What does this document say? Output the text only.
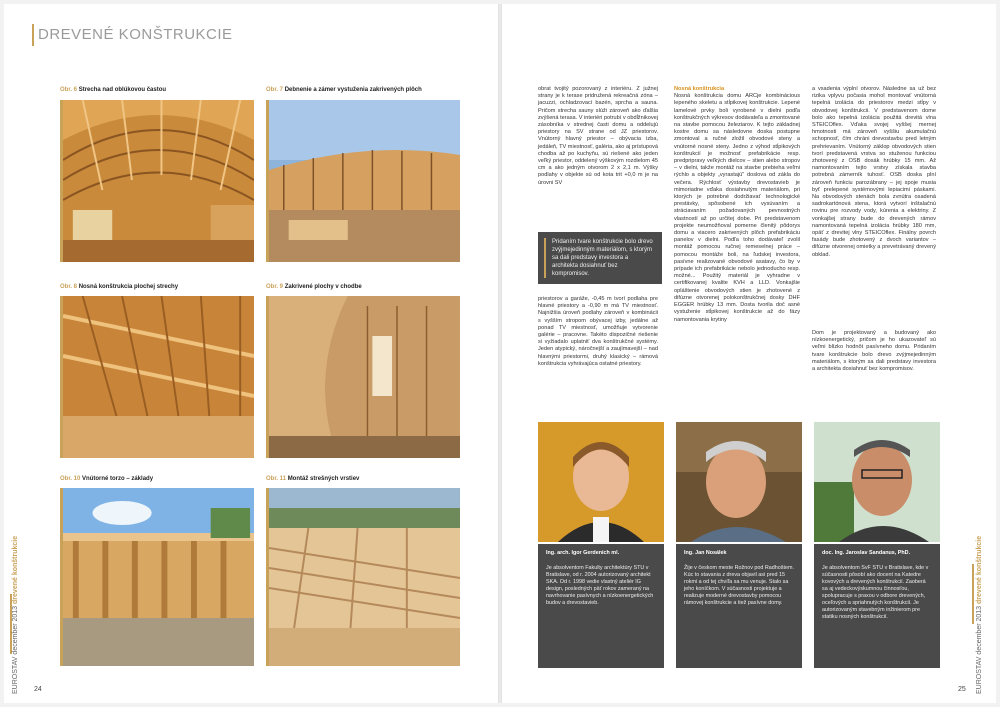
DREVENÉ KONŠTRUKCIE
Obr. 6 Strecha nad oblúkovou častou	Obr. 7 Debnenie a zámer vystuženia zakrivených plôch
Obr. 8 Nosná konštrukcia plochej strechy	Obr. 9 Zakrivené plochy v chodbe
Obr. 10 Vnútorné torzo – základy	Obr. 11 Montáž strešných vrstiev
EUROSTAV december 2013 drevené konštrukcie
24
obrat tvojitý pozorovaný z interiéru. Z južnej strany je k terase pridružená rekreačná zóna – jacuzzi, ochladzovací bazén, sprcha a sauna. Pričom strecha sauny slúži zároveň ako ďalšia zvýšená terasa. V interiéri potrubí v obdĺžnikovej zásobníka v strednej časti domu a oddelujú priestory na SV strane od JZ priestorov. Vnútorný hlavný priestor – obývacia izba, jedáleň, TV miestnosť, galéria, ako aj prístupová chodba až po kuchyňu, sú riešené ako jeden veľký priestor, oddelený výškovým rozdielom 45 cm a ako jedným otvorom 2 x 2,1 m. Výšky podlahy v objekte sú od kota trit +0,0 m je na úrovni SV
Pridaním tvare konštrukcie bolo drevo zvýjmejedinným materiálom, s ktorým sa dali predstavy investora a architekta dosiahnuť bez kompromisov.
priestorov a garáže, -0,45 m tvorí podlaha pre hlavné priestory a -0,90 m má TV miestnosť. Najnižšia úroveň podlahy zároveň v kombinácii s vyšším stropom obývacej izby, jedálne až ponad TV miestnosť, umožňuje vytvorenie galérie – pracovne. Takéto dispozičné riešenie si vyžiadalo uplatniť dva konštrukčné systémy. Jeden atypický, náročnejší a zaujímavejší – nad hlavnými priestormi, druhý klasický – rámová konštrukcia vyhrávajúca ostatné priestory.
Nosná konštrukcia
Nosná konštrukcia domu ARCje kombinácious lepeného skeletu a stĺpikovej konštrukcie. Lepené lamelové prvky boli vyrobené v dielni podľa konštrukčných výkresov dodávateľa a zmontované na stavbe pomocou železiarov. K tejto základnej kostre domu sa následovne doska postupne zmontoval a ručné zložil obvodové steny a vnútorné nosné steny. Jedno z výhod stĺpikových konštrukcií je možnosť prefabrikácie resp. predpripravy veľkých dielcov – stien alebo stropov – v dielni, takže montáž na stavbe prebieha veľmi rýchlo a objekty „vyrastajú" doslova od zákla do večera. Rýchlosť výstavby drevostavieb je mimoriadne vďaka dosiahnutým materiálom, pri ktorých je potrebné dodržiavať technologické prestávky, spôsobené ich vysúvaním a stráciavaním požadovaných pevnostných vlastností až po určitej dobe. Pri predstavenom projekte neumožňoval pomerne členitý pôdorys domu a viacero zakrivených plôch prefabrikáciu panelov v dielni. Podľa toho dodávateľ zvolil montáž pomocou ručnej remeselnej práce – pomocou montáže boli, na ľudskej investora, pasívne realizované obvodové asatavy, čo by v prípade ich prefabrikácie nebolo jednoducho resp. možné... Použitý materiál je vyhradne v certifikovanej kvalite KVH a LLD. Vonkajšie opláštenie obvodových stien je zhotovené z difúzne otvorenej polokonštrukčnej dosky DHF EGGER hrúbky 13 mm. Dosta tvorila doč asné vystuženie stĺpikovej konštrukcie až do fázy namontovania krytiny
a vsadenia výplní otvorov. Následne sa už bez rizika vplyvu počasia mohol montovať vnútorná tepelná izolácia do priestorov medzi stĺpy v obvodovej konštrukcii. V predstavenom dome bolo ako tepelná izolácia použitá drevitá vlna STEICOflex. Vďaka svojej vyššej mernej hmotnosti má zároveň vyššiu akumulačnú schopnosť, čím chráni drevostavbu pred letným prehrievaním. Vnútorný záklop obvodových stien tvorí predstavená vrstva so stuženou funkciou zhotovený z OSB dosák hrúbky 15 mm. Až namontovaním tejto vrstvy získala stavba potrebná zámerník tuhosť. OSB doska plní zároveň funkciu parozábrany – jej spoje musia byť prelepené systémovými lepiacimi páskami. Na obvodových stenách bola zvnútra osadená sadrokartónová stena, ktorá vytvorí inštalačnú rovinu pre rozvody vody, kúrenia a elektriny. Z vonkajšej strany bude do drevených rámov namontovaná tepelná izolácia hrúbky 180 mm, opäť z drevitej vlny STEICOflex. Finálny povrch fasády bude zhotovený z dvoch variantov – difúzne otvorenej omietky a prevetrávaný drevený obklad.
Dom je projektovaný a budovaný ako nízkoenergetický, pričom je ho ukazovateľ sú veľmi blízko hodnôt pasívneho domu. Pridaním tvare konštrukcie bolo drevo zvýjmejedinným materiálom, s ktorým sa dali predstavy investora a architekta dosiahnuť bez kompromisov.
Ing. arch. Igor Gerdenich ml.
Je absolventom Fakulty architektúry STU v Bratislave, od r. 2004 autorizovaný architekt SKA. Od r. 1998 vedie vlastný ateliér IG design, posledných päť rokov zameraný na navrhovanie pasívnych a nízkoenergetických budov a drevostavieb.
Ing. Jan Nosálek
Žije v českom meste Rožnov pod Radhoštem. Kúc to stavania z dreva objavil asi pred 15 rokmi a od tej chvíľa sa mu venuje. Stalo sa jeho koníčkom. V súčasnosti projektuje a realizuje moderné drevostavby pomocou rámovej konštrukcie a tiež pasívne domy.
doc. Ing. Jaroslav Sandanus, PhD.
Je absolventom SvF STU v Bratislave, kde v súčasnosti pôsobí ako docent na Katedre kovových a drevených konštrukcií. Zaoberá sa aj vedeckovýskumnou činnosťou, spolupracuje s praxou v odbore drevených, oceľových a spriahnutých konštrukcií. Je autorizovaným stavebným inžinierom pre statiku nosných konštrukcií.
EUROSTAV december 2013 drevené konštrukcie
25
